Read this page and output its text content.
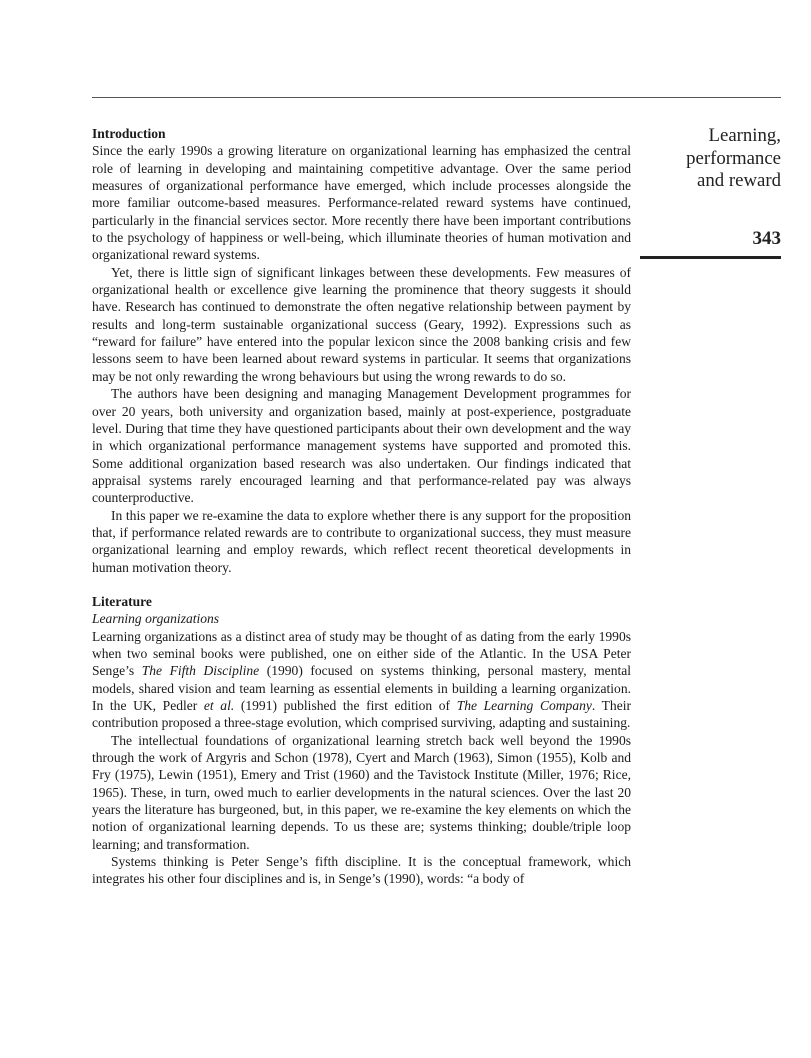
Learning,
performance
and reward
343

Introduction

Since the early 1990s a growing literature on organizational learning has emphasized the central role of learning in developing and maintaining competitive advantage. Over the same period measures of organizational performance have emerged, which include processes alongside the more familiar outcome-based measures. Performance-related reward systems have continued, particularly in the financial services sector. More recently there have been important contributions to the psychology of happiness or well-being, which illuminate theories of human motivation and organizational reward systems.

Yet, there is little sign of significant linkages between these developments. Few measures of organizational health or excellence give learning the prominence that theory suggests it should have. Research has continued to demonstrate the often negative relationship between payment by results and long-term sustainable organizational success (Geary, 1992). Expressions such as “reward for failure” have entered into the popular lexicon since the 2008 banking crisis and few lessons seem to have been learned about reward systems in particular. It seems that organizations may be not only rewarding the wrong behaviours but using the wrong rewards to do so.

The authors have been designing and managing Management Development programmes for over 20 years, both university and organization based, mainly at post-experience, postgraduate level. During that time they have questioned participants about their own development and the way in which organizational performance management systems have supported and promoted this. Some additional organization based research was also undertaken. Our findings indicated that appraisal systems rarely encouraged learning and that performance-related pay was always counterproductive.

In this paper we re-examine the data to explore whether there is any support for the proposition that, if performance related rewards are to contribute to organizational success, they must measure organizational learning and employ rewards, which reflect recent theoretical developments in human motivation theory.

Literature

Learning organizations

Learning organizations as a distinct area of study may be thought of as dating from the early 1990s when two seminal books were published, one on either side of the Atlantic. In the USA Peter Senge’s The Fifth Discipline (1990) focused on systems thinking, personal mastery, mental models, shared vision and team learning as essential elements in building a learning organization. In the UK, Pedler et al. (1991) published the first edition of The Learning Company. Their contribution proposed a three-stage evolution, which comprised surviving, adapting and sustaining.

The intellectual foundations of organizational learning stretch back well beyond the 1990s through the work of Argyris and Schon (1978), Cyert and March (1963), Simon (1955), Kolb and Fry (1975), Lewin (1951), Emery and Trist (1960) and the Tavistock Institute (Miller, 1976; Rice, 1965). These, in turn, owed much to earlier developments in the natural sciences. Over the last 20 years the literature has burgeoned, but, in this paper, we re-examine the key elements on which the notion of organizational learning depends. To us these are; systems thinking; double/triple loop learning; and transformation.

Systems thinking is Peter Senge’s fifth discipline. It is the conceptual framework, which integrates his other four disciplines and is, in Senge’s (1990), words: “a body of
